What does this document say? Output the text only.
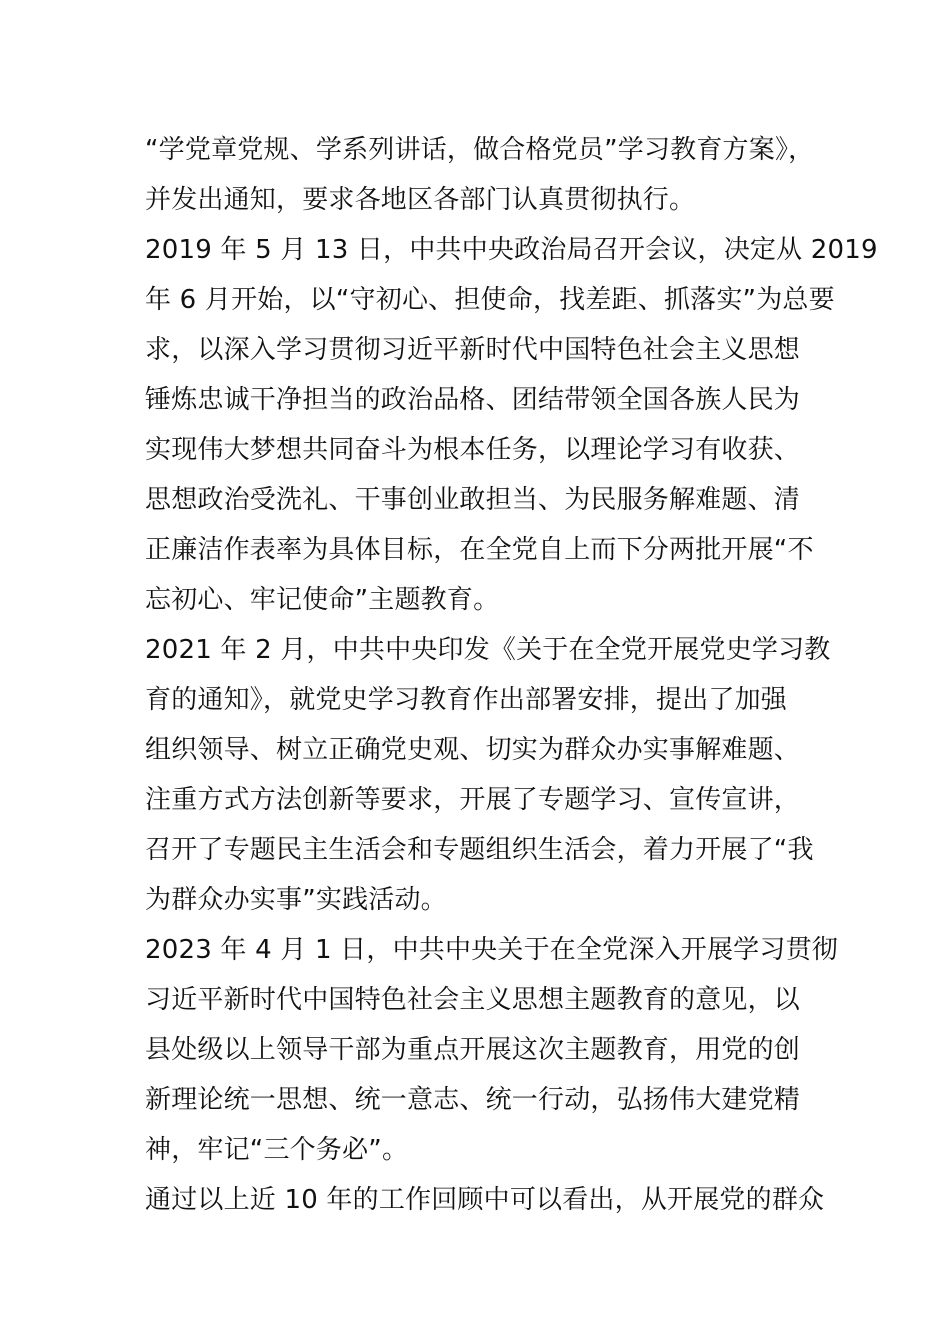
“学党章党规、学系列讲话，做合格党员”学习教育方案》，
并发出通知，要求各地区各部门认真贯彻执行。
2019 年 5 月 13 日，中共中央政治局召开会议，决定从 2019
年 6 月开始，以“守初心、担使命，找差距、抓落实”为总要
求，以深入学习贯彻习近平新时代中国特色社会主义思想
锤炼忠诚干净担当的政治品格、团结带领全国各族人民为
实现伟大梦想共同奋斗为根本任务，以理论学习有收获、
思想政治受洗礼、干事创业敢担当、为民服务解难题、清
正廉洁作表率为具体目标，在全党自上而下分两批开展“不
忘初心、牢记使命”主题教育。
2021 年 2 月，中共中央印发《关于在全党开展党史学习教
育的通知》，就党史学习教育作出部署安排，提出了加强
组织领导、树立正确党史观、切实为群众办实事解难题、
注重方式方法创新等要求，开展了专题学习、宣传宣讲，
召开了专题民主生活会和专题组织生活会，着力开展了“我
为群众办实事”实践活动。
2023 年 4 月 1 日，中共中央关于在全党深入开展学习贯彻
习近平新时代中国特色社会主义思想主题教育的意见，以
县处级以上领导干部为重点开展这次主题教育，用党的创
新理论统一思想、统一意志、统一行动，弘扬伟大建党精
神，牢记“三个务必”。
通过以上近 10 年的工作回顾中可以看出，从开展党的群众
